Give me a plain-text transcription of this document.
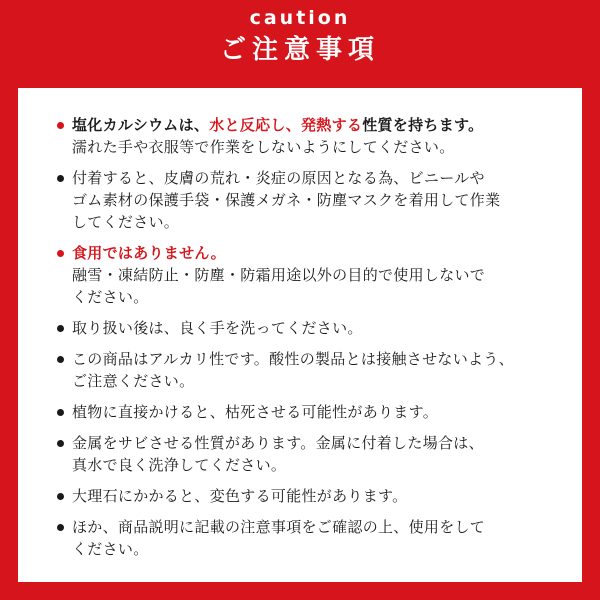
caution
ご注意事項
塩化カルシウムは、水と反応し、発熱する性質を持ちます。
濡れた手や衣服等で作業をしないようにしてください。
付着すると、皮膚の荒れ・炎症の原因となる為、ビニールや
ゴム素材の保護手袋・保護メガネ・防塵マスクを着用して作業
してください。
食用ではありません。
融雪・凍結防止・防塵・防霜用途以外の目的で使用しないで
ください。
取り扱い後は、良く手を洗ってください。
この商品はアルカリ性です。酸性の製品とは接触させないよう、
ご注意ください。
植物に直接かけると、枯死させる可能性があります。
金属をサビさせる性質があります。金属に付着した場合は、
真水で良く洗浄してください。
大理石にかかると、変色する可能性があります。
ほか、商品説明に記載の注意事項をご確認の上、使用をして
ください。
